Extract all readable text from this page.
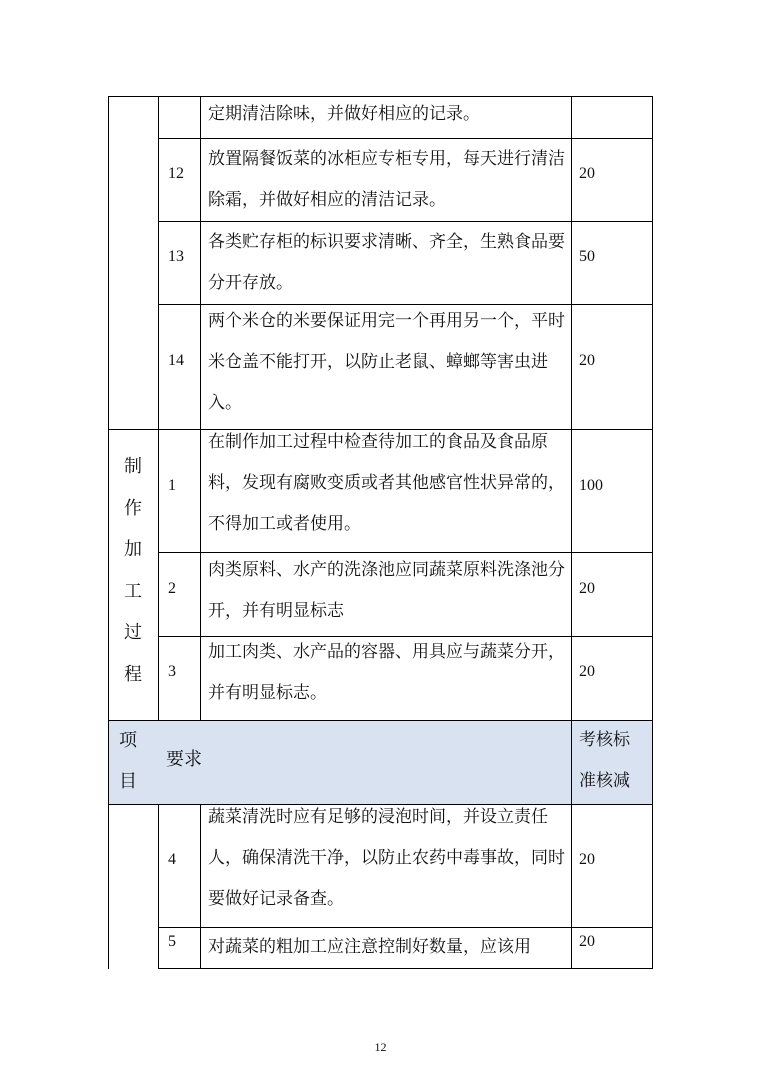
定期清洁除味，并做好相应的记录。
12
放置隔餐饭菜的冰柜应专柜专用，每天进行清洁除霜，并做好相应的清洁记录。
20
13
各类贮存柜的标识要求清晰、齐全，生熟食品要分开存放。
50
14
两个米仓的米要保证用完一个再用另一个，平时米仓盖不能打开，以防止老鼠、蟑螂等害虫进入。
20
制
作
加
工
过
程
1
在制作加工过程中检查待加工的食品及食品原料，发现有腐败变质或者其他感官性状异常的，不得加工或者使用。
100
2
肉类原料、水产的洗涤池应同蔬菜原料洗涤池分开，并有明显标志
20
3
加工肉类、水产品的容器、用具应与蔬菜分开，并有明显标志。
20
项
目
要求
考核标
准核减
4
蔬菜清洗时应有足够的浸泡时间，并设立责任人，确保清洗干净，以防止农药中毒事故，同时要做好记录备查。
20
5 对蔬菜的粗加工应注意控制好数量，应该用	20
12
